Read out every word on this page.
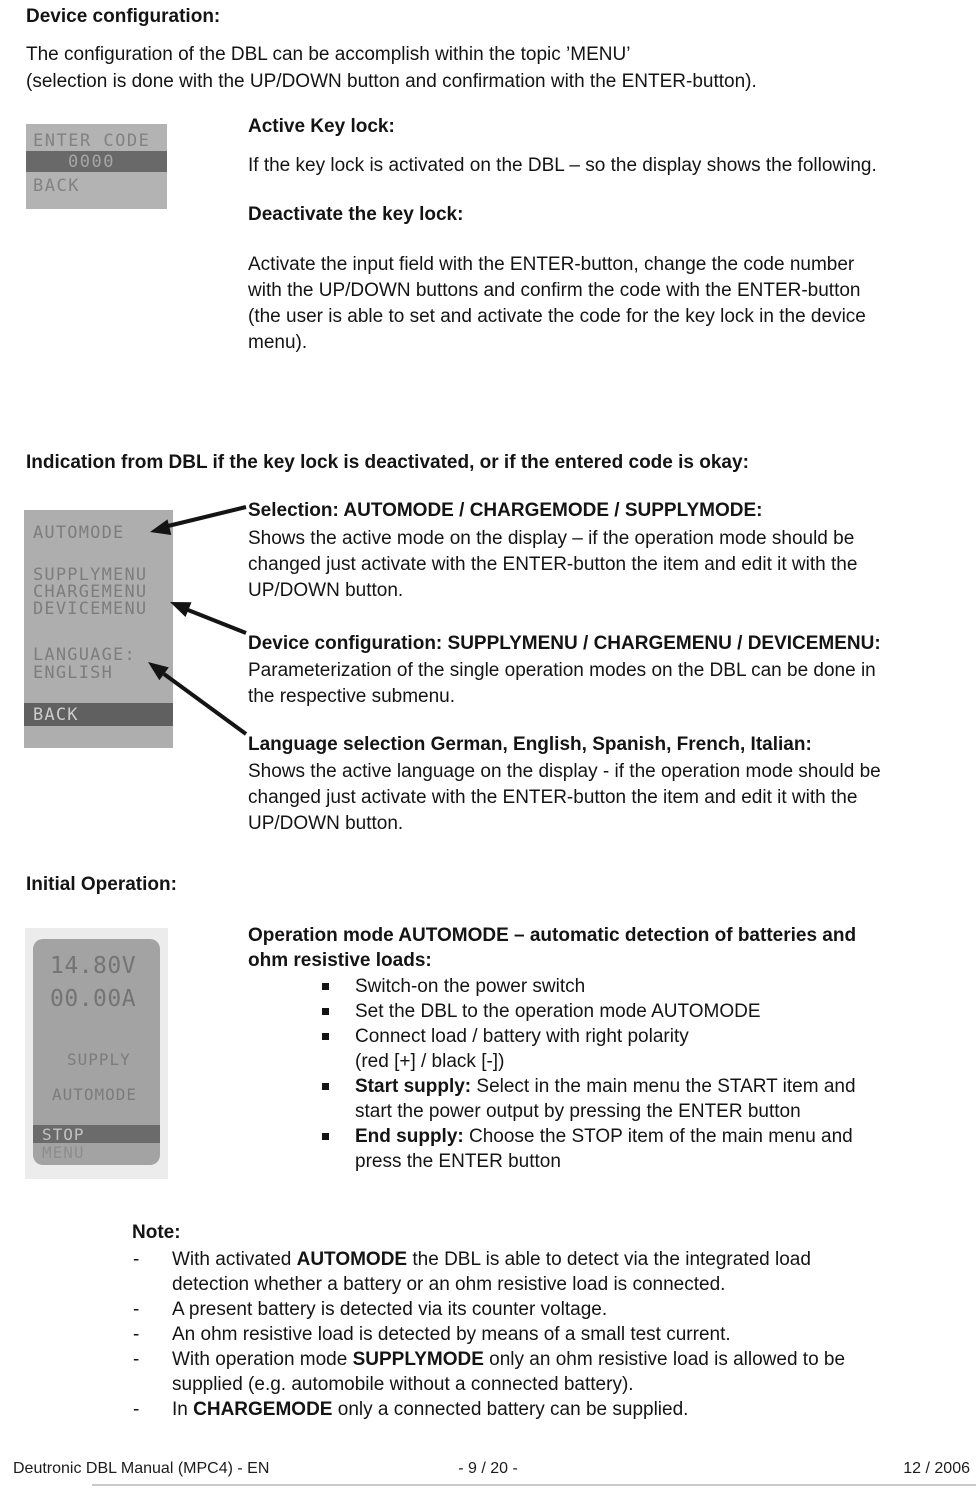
Device configuration:
The configuration of the DBL can be accomplish within the topic ’MENU’
(selection is done with the UP/DOWN button and confirmation with the ENTER-button).
ENTER CODE
0000
BACK
Active Key lock:
If the key lock is activated on the DBL – so the display shows the following.
Deactivate the key lock:
Activate the input field with the ENTER-button, change the code number
with the UP/DOWN buttons and confirm the code with the ENTER-button
(the user is able to set and activate the code for the key lock in the device
menu).
Indication from DBL if the key lock is deactivated, or if the entered code is okay:
AUTOMODE
SUPPLYMENU
CHARGEMENU
DEVICEMENU
LANGUAGE:
ENGLISH
BACK
Selection: AUTOMODE / CHARGEMODE / SUPPLYMODE:
Shows the active mode on the display – if the operation mode should be
changed just activate with the ENTER-button the item and edit it with the
UP/DOWN button.
Device configuration: SUPPLYMENU / CHARGEMENU / DEVICEMENU:
Parameterization of the single operation modes on the DBL can be done in
the respective submenu.
Language selection German, English, Spanish, French, Italian:
Shows the active language on the display - if the operation mode should be
changed just activate with the ENTER-button the item and edit it with the
UP/DOWN button.
Initial Operation:
14.80V
00.00A
SUPPLY
AUTOMODE
STOP
MENU
Operation mode AUTOMODE – automatic detection of batteries and
ohm resistive loads:
Switch-on the power switch
Set the DBL to the operation mode AUTOMODE
Connect load / battery with right polarity
(red [+] / black [-])
Start supply: Select in the main menu the START item and
start the power output by pressing the ENTER button
End supply: Choose the STOP item of the main menu and
press the ENTER button
Note:
- With activated AUTOMODE the DBL is able to detect via the integrated load
detection whether a battery or an ohm resistive load is connected.
- A present battery is detected via its counter voltage.
- An ohm resistive load is detected by means of a small test current.
- With operation mode SUPPLYMODE only an ohm resistive load is allowed to be
supplied (e.g. automobile without a connected battery).
- In CHARGEMODE only a connected battery can be supplied.
Deutronic DBL Manual (MPC4) - EN	- 9 / 20 -	12 / 2006
